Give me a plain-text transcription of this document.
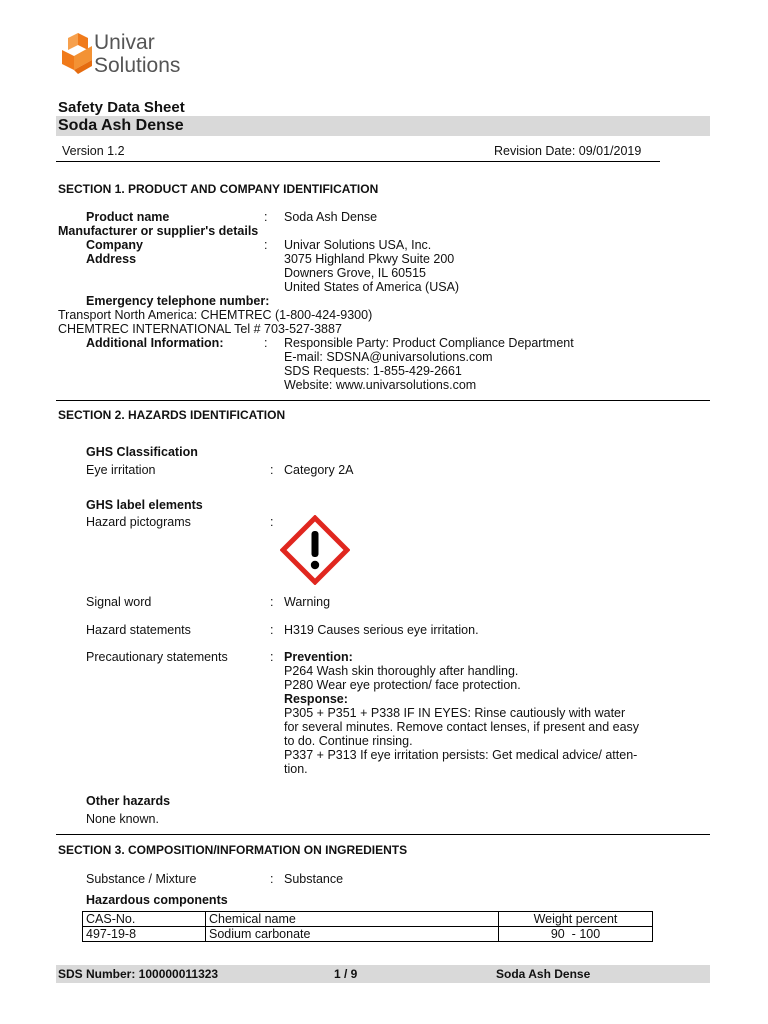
Univar
Solutions
Safety Data Sheet
Soda Ash Dense
Version 1.2	Revision Date: 09/01/2019
SECTION 1. PRODUCT AND COMPANY IDENTIFICATION
Product name	: Soda Ash Dense
Manufacturer or supplier's details
Company	: Univar Solutions USA, Inc.
Address	3075 Highland Pkwy Suite 200
Downers Grove, IL 60515
United States of America (USA)
Emergency telephone number:
Transport North America: CHEMTREC (1-800-424-9300)
CHEMTREC INTERNATIONAL Tel # 703-527-3887
Additional Information:	: Responsible Party: Product Compliance Department
E-mail: SDSNA@univarsolutions.com
SDS Requests: 1-855-429-2661
Website: www.univarsolutions.com
SECTION 2. HAZARDS IDENTIFICATION
GHS Classification
Eye irritation	: Category 2A
GHS label elements
Hazard pictograms	:
Signal word	: Warning
Hazard statements	: H319 Causes serious eye irritation.
Precautionary statements	: Prevention:
P264 Wash skin thoroughly after handling.
P280 Wear eye protection/ face protection.
Response:
P305 + P351 + P338 IF IN EYES: Rinse cautiously with water
for several minutes. Remove contact lenses, if present and easy
to do. Continue rinsing.
P337 + P313 If eye irritation persists: Get medical advice/ atten-
tion.
Other hazards
None known.
SECTION 3. COMPOSITION/INFORMATION ON INGREDIENTS
Substance / Mixture	: Substance
Hazardous components
CAS-No.	Chemical name	Weight percent
497-19-8	Sodium carbonate	90  - 100
SDS Number: 100000011323	1 / 9	Soda Ash Dense
